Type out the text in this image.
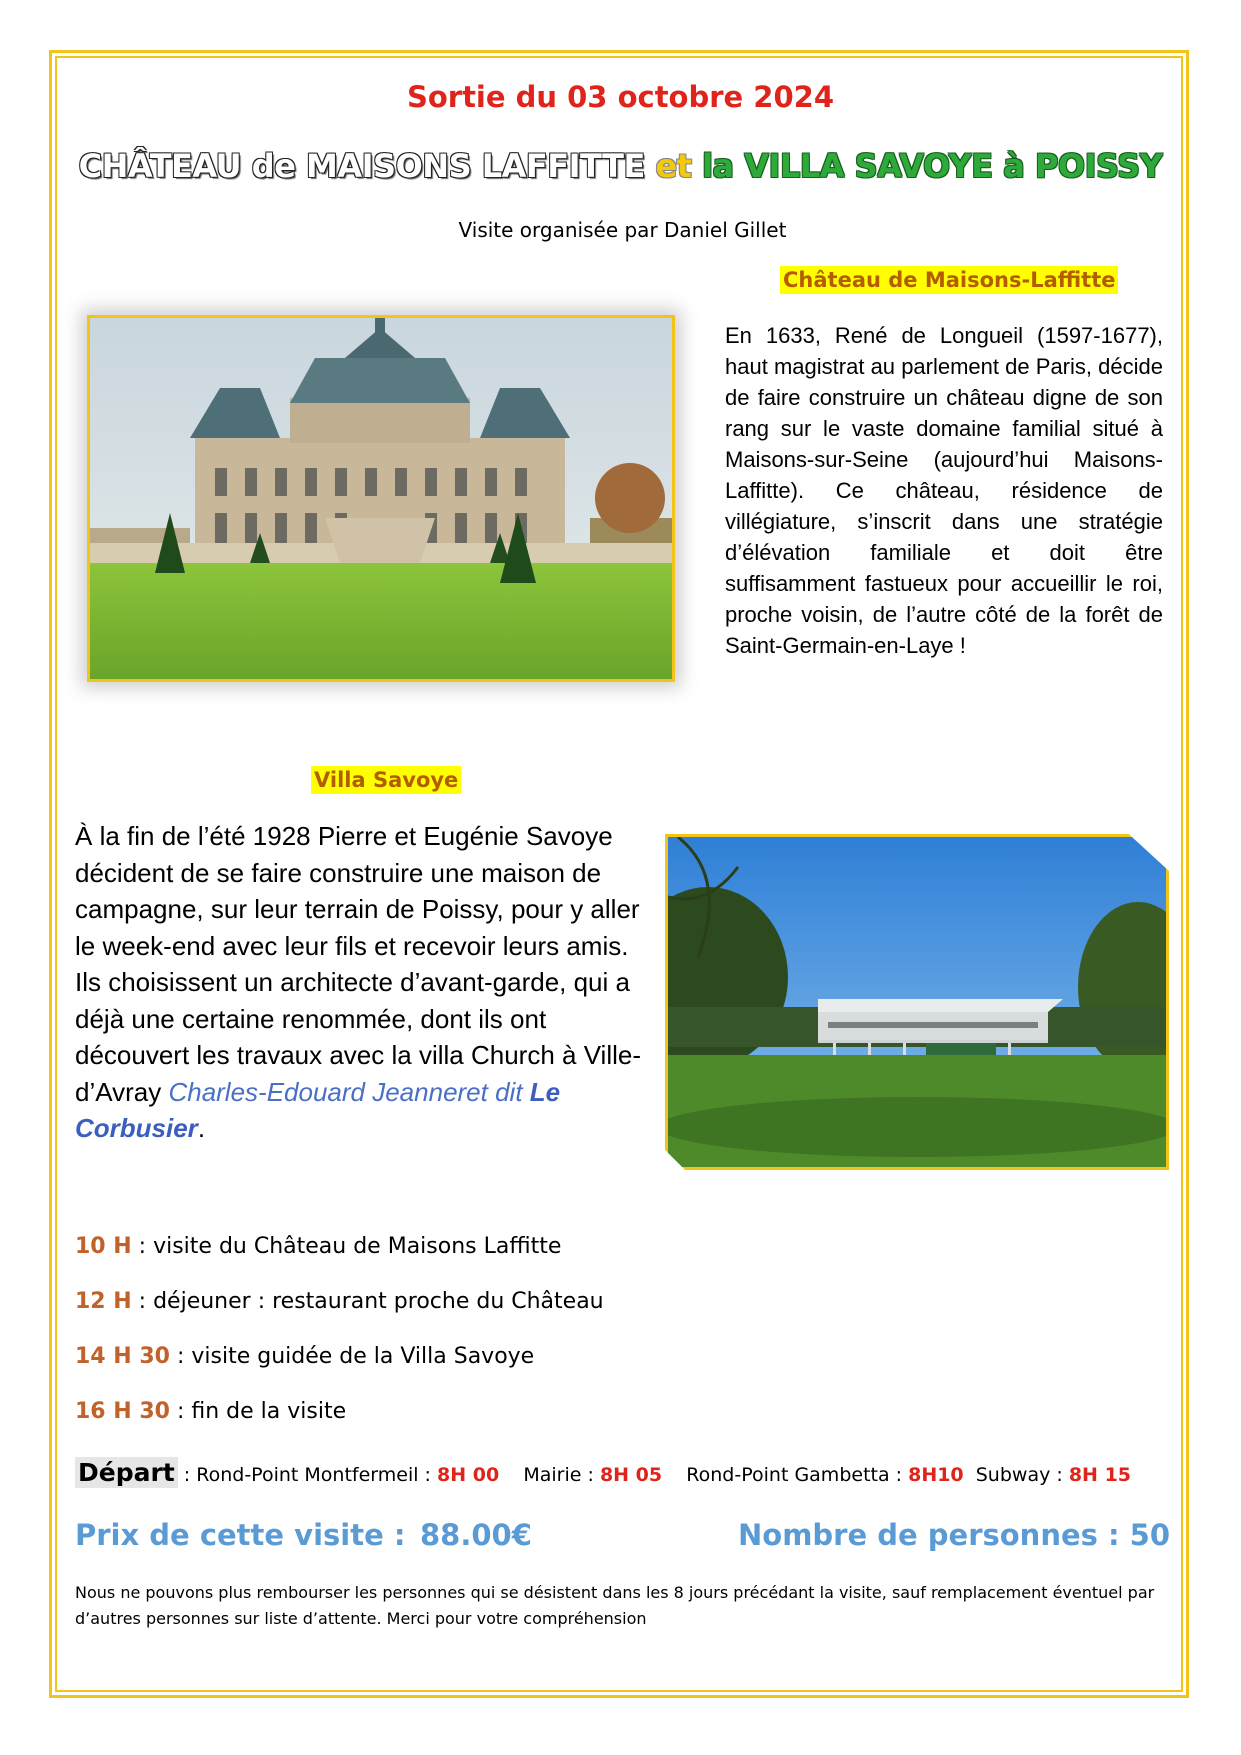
Sortie du 03 octobre 2024
CHÂTEAU de MAISONS LAFFITTE et la VILLA SAVOYE à POISSY
Visite organisée par Daniel Gillet
Château de Maisons-Laffitte
En 1633, René de Longueil (1597-1677), haut magistrat au parlement de Paris, décide de faire construire un château digne de son rang sur le vaste domaine familial situé à Maisons-sur-Seine (aujourd’hui Maisons-Laffitte). Ce château, résidence de villégiature, s’inscrit dans une stratégie d’élévation familiale et doit être suffisamment fastueux pour accueillir le roi, proche voisin, de l’autre côté de la forêt de Saint-Germain-en-Laye !
Villa Savoye
À la fin de l’été 1928 Pierre et Eugénie Savoye décident de se faire construire une maison de campagne, sur leur terrain de Poissy, pour y aller le week-end avec leur fils et recevoir leurs amis. Ils choisissent un architecte d’avant-garde, qui a déjà une certaine renommée, dont ils ont découvert les travaux avec la villa Church à Ville- d’Avray Charles-Edouard Jeanneret dit Le Corbusier.
10 H : visite du Château de Maisons Laffitte
12 H : déjeuner : restaurant proche du Château
14 H 30 : visite guidée de la Villa Savoye
16 H 30 : fin de la visite
Départ : Rond-Point Montfermeil : 8H 00 Mairie : 8H 05 Rond-Point Gambetta : 8H10 Subway : 8H 15
Prix de cette visite : 88.00€	Nombre de personnes : 50
Nous ne pouvons plus rembourser les personnes qui se désistent dans les 8 jours précédant la visite, sauf remplacement éventuel par d’autres personnes sur liste d’attente. Merci pour votre compréhension
